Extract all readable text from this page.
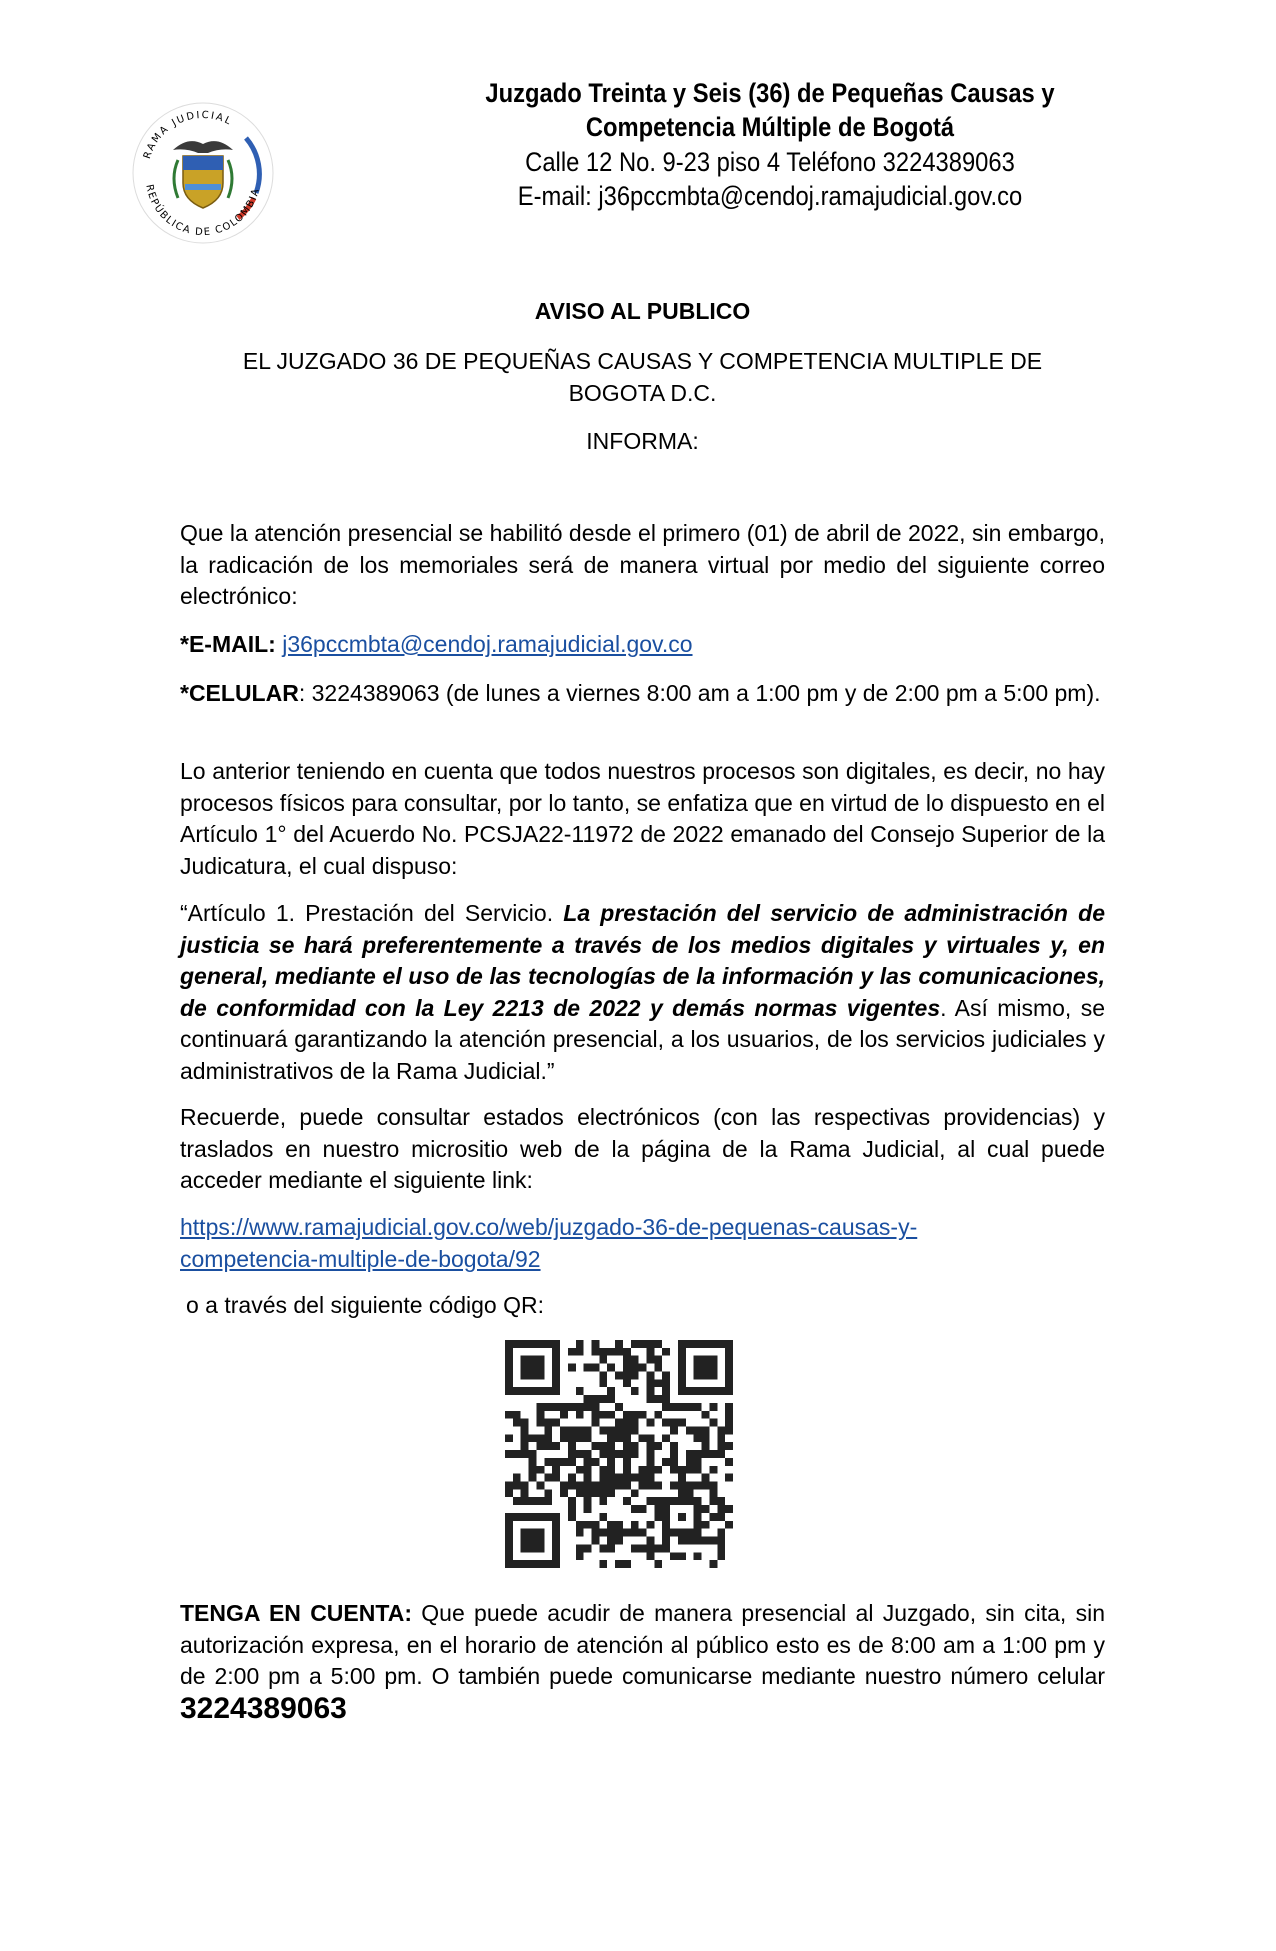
RAMA JUDICIAL
REPÚBLICA DE COLOMBIA
Juzgado Treinta y Seis (36) de Pequeñas Causas y
Competencia Múltiple de Bogotá
Calle 12 No. 9-23 piso 4 Teléfono 3224389063
E-mail: j36pccmbta@cendoj.ramajudicial.gov.co
AVISO AL PUBLICO
EL JUZGADO 36 DE PEQUEÑAS CAUSAS Y COMPETENCIA MULTIPLE DE
BOGOTA D.C.
INFORMA:
Que la atención presencial se habilitó desde el primero (01) de abril de 2022, sin embargo, la radicación de los memoriales será de manera virtual por medio del siguiente correo electrónico:
*E-MAIL: j36pccmbta@cendoj.ramajudicial.gov.co
*CELULAR: 3224389063 (de lunes a viernes 8:00 am a 1:00 pm y de 2:00 pm a 5:00 pm).
Lo anterior teniendo en cuenta que todos nuestros procesos son digitales, es decir, no hay procesos físicos para consultar, por lo tanto, se enfatiza que en virtud de lo dispuesto en el Artículo 1° del Acuerdo No. PCSJA22-11972 de 2022 emanado del Consejo Superior de la Judicatura, el cual dispuso:
“Artículo 1. Prestación del Servicio. La prestación del servicio de administración de justicia se hará preferentemente a través de los medios digitales y virtuales y, en general, mediante el uso de las tecnologías de la información y las comunicaciones, de conformidad con la Ley 2213 de 2022 y demás normas vigentes. Así mismo, se continuará garantizando la atención presencial, a los usuarios, de los servicios judiciales y administrativos de la Rama Judicial.”
Recuerde, puede consultar estados electrónicos (con las respectivas providencias) y traslados en nuestro micrositio web de la página de la Rama Judicial, al cual puede acceder mediante el siguiente link:
https://www.ramajudicial.gov.co/web/juzgado-36-de-pequenas-causas-y-
competencia-multiple-de-bogota/92
o a través del siguiente código QR:
TENGA EN CUENTA: Que puede acudir de manera presencial al Juzgado, sin cita, sin autorización expresa, en el horario de atención al público esto es de 8:00 am a 1:00 pm y de 2:00 pm a 5:00 pm. O también puede comunicarse mediante nuestro número celular 3224389063
